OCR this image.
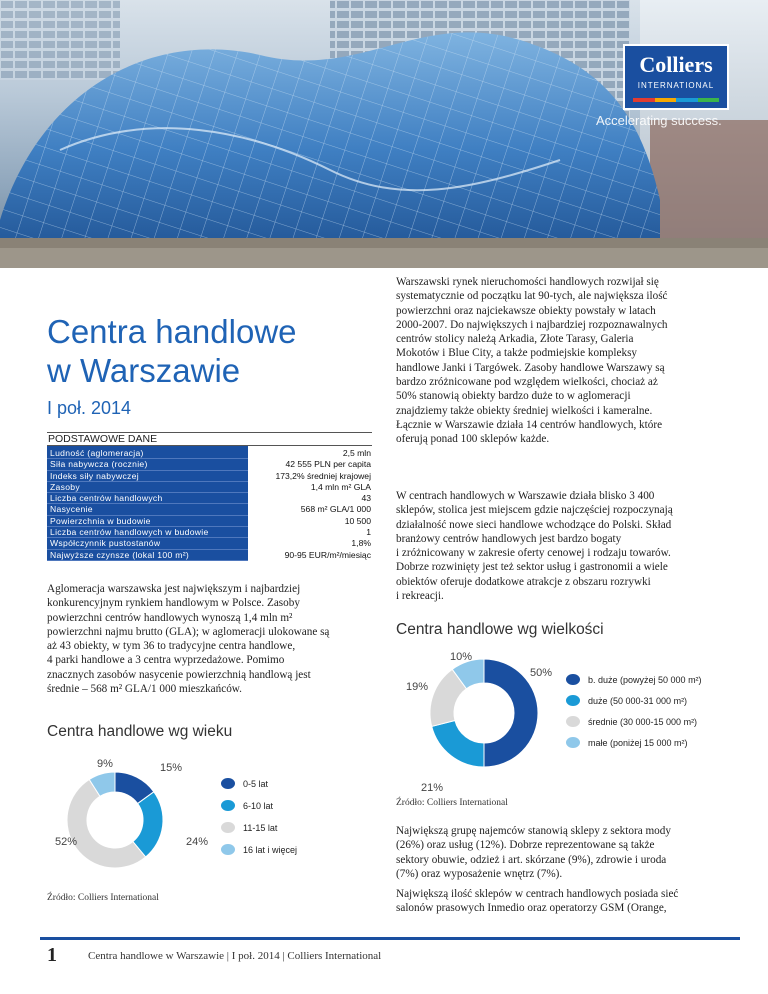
Colliers
INTERNATIONAL
Accelerating success.
Centra handlowe
w Warszawie
I poł. 2014
PODSTAWOWE DANE
Ludność (aglomeracja)
Siła nabywcza (rocznie)
Indeks siły nabywczej
Zasoby
Liczba centrów handlowych
Nasycenie
Powierzchnia w budowie
Liczba centrów handlowych w budowie
Współczynnik pustostanów
Najwyższe czynsze (lokal 100 m²)
2,5 mln
42 555 PLN per capita
173,2% średniej krajowej
1,4 mln m² GLA
43
568 m² GLA/1 000
10 500
1
1,8%
90-95 EUR/m²/miesiąc
Aglomeracja warszawska jest największym i najbardziej
konkurencyjnym rynkiem handlowym w Polsce. Zasoby
powierzchni centrów handlowych wynoszą 1,4 mln m²
powierzchni najmu brutto (GLA); w aglomeracji ulokowane są
aż 43 obiekty, w tym 36 to tradycyjne centra handlowe,
4 parki handlowe a 3 centra wyprzedażowe. Pomimo
znacznych zasobów nasycenie powierzchnią handlową jest
średnie – 568 m² GLA/1 000 mieszkańców.
Centra handlowe wg wieku
9%	15%
24%
52%
0-5 lat
6-10 lat
11-15 lat
16 lat i więcej
Źródło: Colliers International
Warszawski rynek nieruchomości handlowych rozwijał się
systematycznie od początku lat 90-tych, ale największa ilość
powierzchni oraz najciekawsze obiekty powstały w latach
2000-2007. Do największych i najbardziej rozpoznawalnych
centrów stolicy należą Arkadia, Złote Tarasy, Galeria
Mokotów i Blue City, a także podmiejskie kompleksy
handlowe Janki i Targówek. Zasoby handlowe Warszawy są
bardzo zróżnicowane pod względem wielkości, chociaż aż
50% stanowią obiekty bardzo duże to w aglomeracji
znajdziemy także obiekty średniej wielkości i kameralne.
Łącznie w Warszawie działa 14 centrów handlowych, które
oferują ponad 100 sklepów każde.
W centrach handlowych w Warszawie działa blisko 3 400
sklepów, stolica jest miejscem gdzie najczęściej rozpoczynają
działalność nowe sieci handlowe wchodzące do Polski. Skład
branżowy centrów handlowych jest bardzo bogaty
i zróżnicowany w zakresie oferty cenowej i rodzaju towarów.
Dobrze rozwinięty jest też sektor usług i gastronomii a wiele
obiektów oferuje dodatkowe atrakcje z obszaru rozrywki
i rekreacji.
Centra handlowe wg wielkości
10%
50%
19%
21%
b. duże (powyżej 50 000 m²)
duże (50 000-31 000 m²)
średnie (30 000-15 000 m²)
małe (poniżej 15 000 m²)
Źródło: Colliers International
Największą grupę najemców stanowią sklepy z sektora mody
(26%) oraz usług (12%). Dobrze reprezentowane są także
sektory obuwie, odzież i art. skórzane (9%), zdrowie i uroda
(7%) oraz wyposażenie wnętrz (7%).
Największą ilość sklepów w centrach handlowych posiada sieć
salonów prasowych Inmedio oraz operatorzy GSM (Orange,
1	Centra handlowe w Warszawie | I poł. 2014 | Colliers International
